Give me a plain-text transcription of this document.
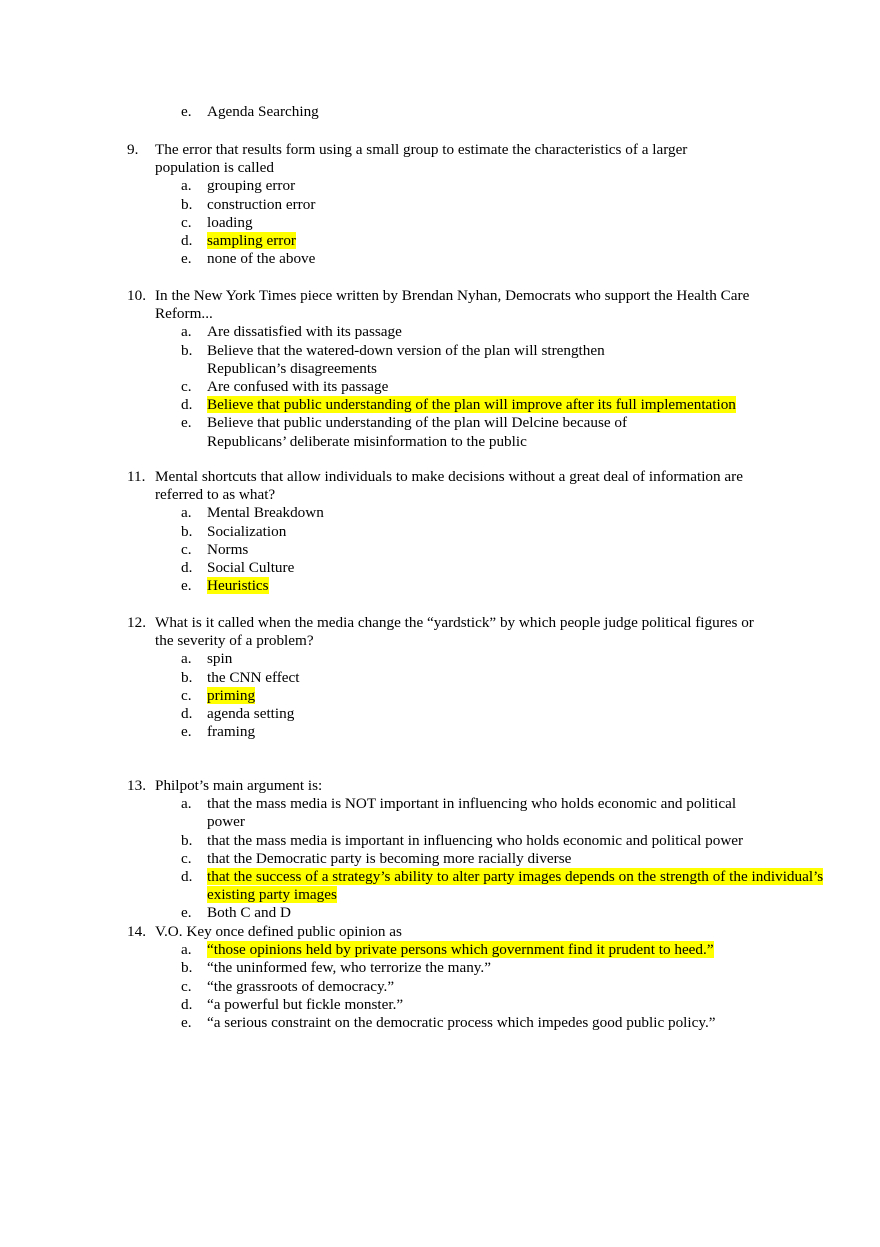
e. Agenda Searching
9. The error that results form using a small group to estimate the characteristics of a larger population is called
a. grouping error
b. construction error
c. loading
d. sampling error
e. none of the above
10. In the New York Times piece written by Brendan Nyhan, Democrats who support the Health Care Reform...
a. Are dissatisfied with its passage
b. Believe that the watered-down version of the plan will strengthen Republican’s disagreements
c. Are confused with its passage
d. Believe that public understanding of the plan will improve after its full implementation
e. Believe that public understanding of the plan will Delcine because of Republicans’ deliberate misinformation to the public
11. Mental shortcuts that allow individuals to make decisions without a great deal of information are referred to as what?
a. Mental Breakdown
b. Socialization
c. Norms
d. Social Culture
e. Heuristics
12. What is it called when the media change the “yardstick” by which people judge political figures or the severity of a problem?
a. spin
b. the CNN effect
c. priming
d. agenda setting
e. framing
13. Philpot’s main argument is:
a. that the mass media is NOT important in influencing who holds economic and political power
b. that the mass media is important in influencing who holds economic and political power
c. that the Democratic party is becoming more racially diverse
d. that the success of a strategy’s ability to alter party images depends on the strength of the individual’s existing party images
e. Both C and D
14. V.O. Key once defined public opinion as
a. “those opinions held by private persons which government find it prudent to heed.”
b. “the uninformed few, who terrorize the many.”
c. “the grassroots of democracy.”
d. “a powerful but fickle monster.”
e. “a serious constraint on the democratic process which impedes good public policy.”
